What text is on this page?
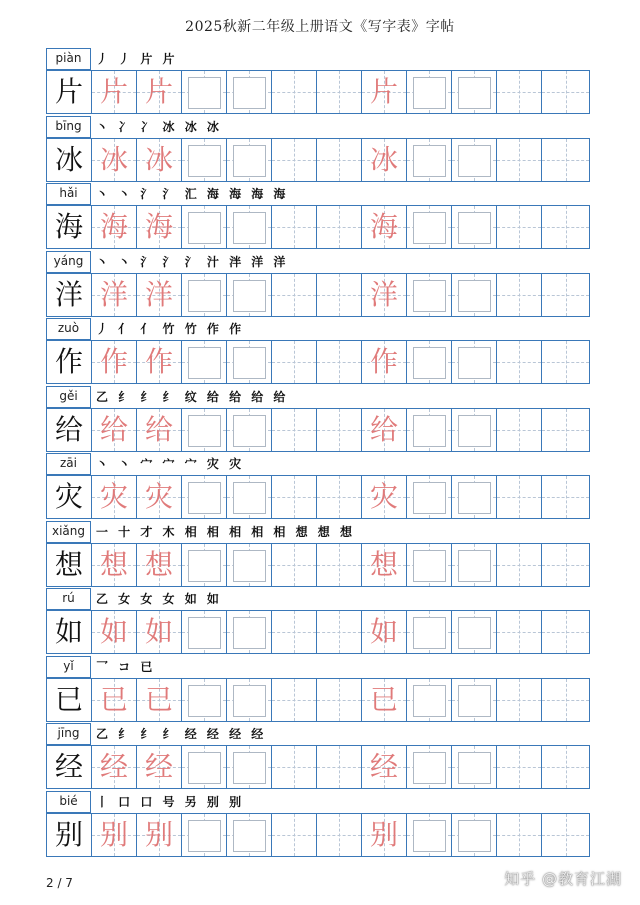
2025秋新二年级上册语文《写字表》字帖
piàn	丿 丿 片 片
片 片 片	片
bīng	丶 冫 冫 冰 冰 冰
冰 冰 冰	冰
hǎi	丶 丶 氵 氵 汇 海 海 海 海
海 海 海	海
yáng	丶 丶 氵 氵 氵 汁 泮 洋 洋
洋 洋 洋	洋
zuò	丿 亻 亻 竹 竹 作 作
作 作 作	作
gěi	乙 纟 纟 纟 纹 给 给 给 给
给 给 给	给
zāi	丶 丶 宀 宀 宀 灾 灾
灾 灾 灾	灾
xiǎng 一 十 才 木 相 相 相 相 相 想 想 想
想 想 想	想
rú	乙 女 女 女 如 如
如 如 如	如
yǐ	乛 コ 已
已 已 已	已
jīng	乙 纟 纟 纟 经 经 经 经
经 经 经	经
bié	丨 口 口 号 另 别 别
别 别 别	别
2 / 7	知乎 @教育江湖
